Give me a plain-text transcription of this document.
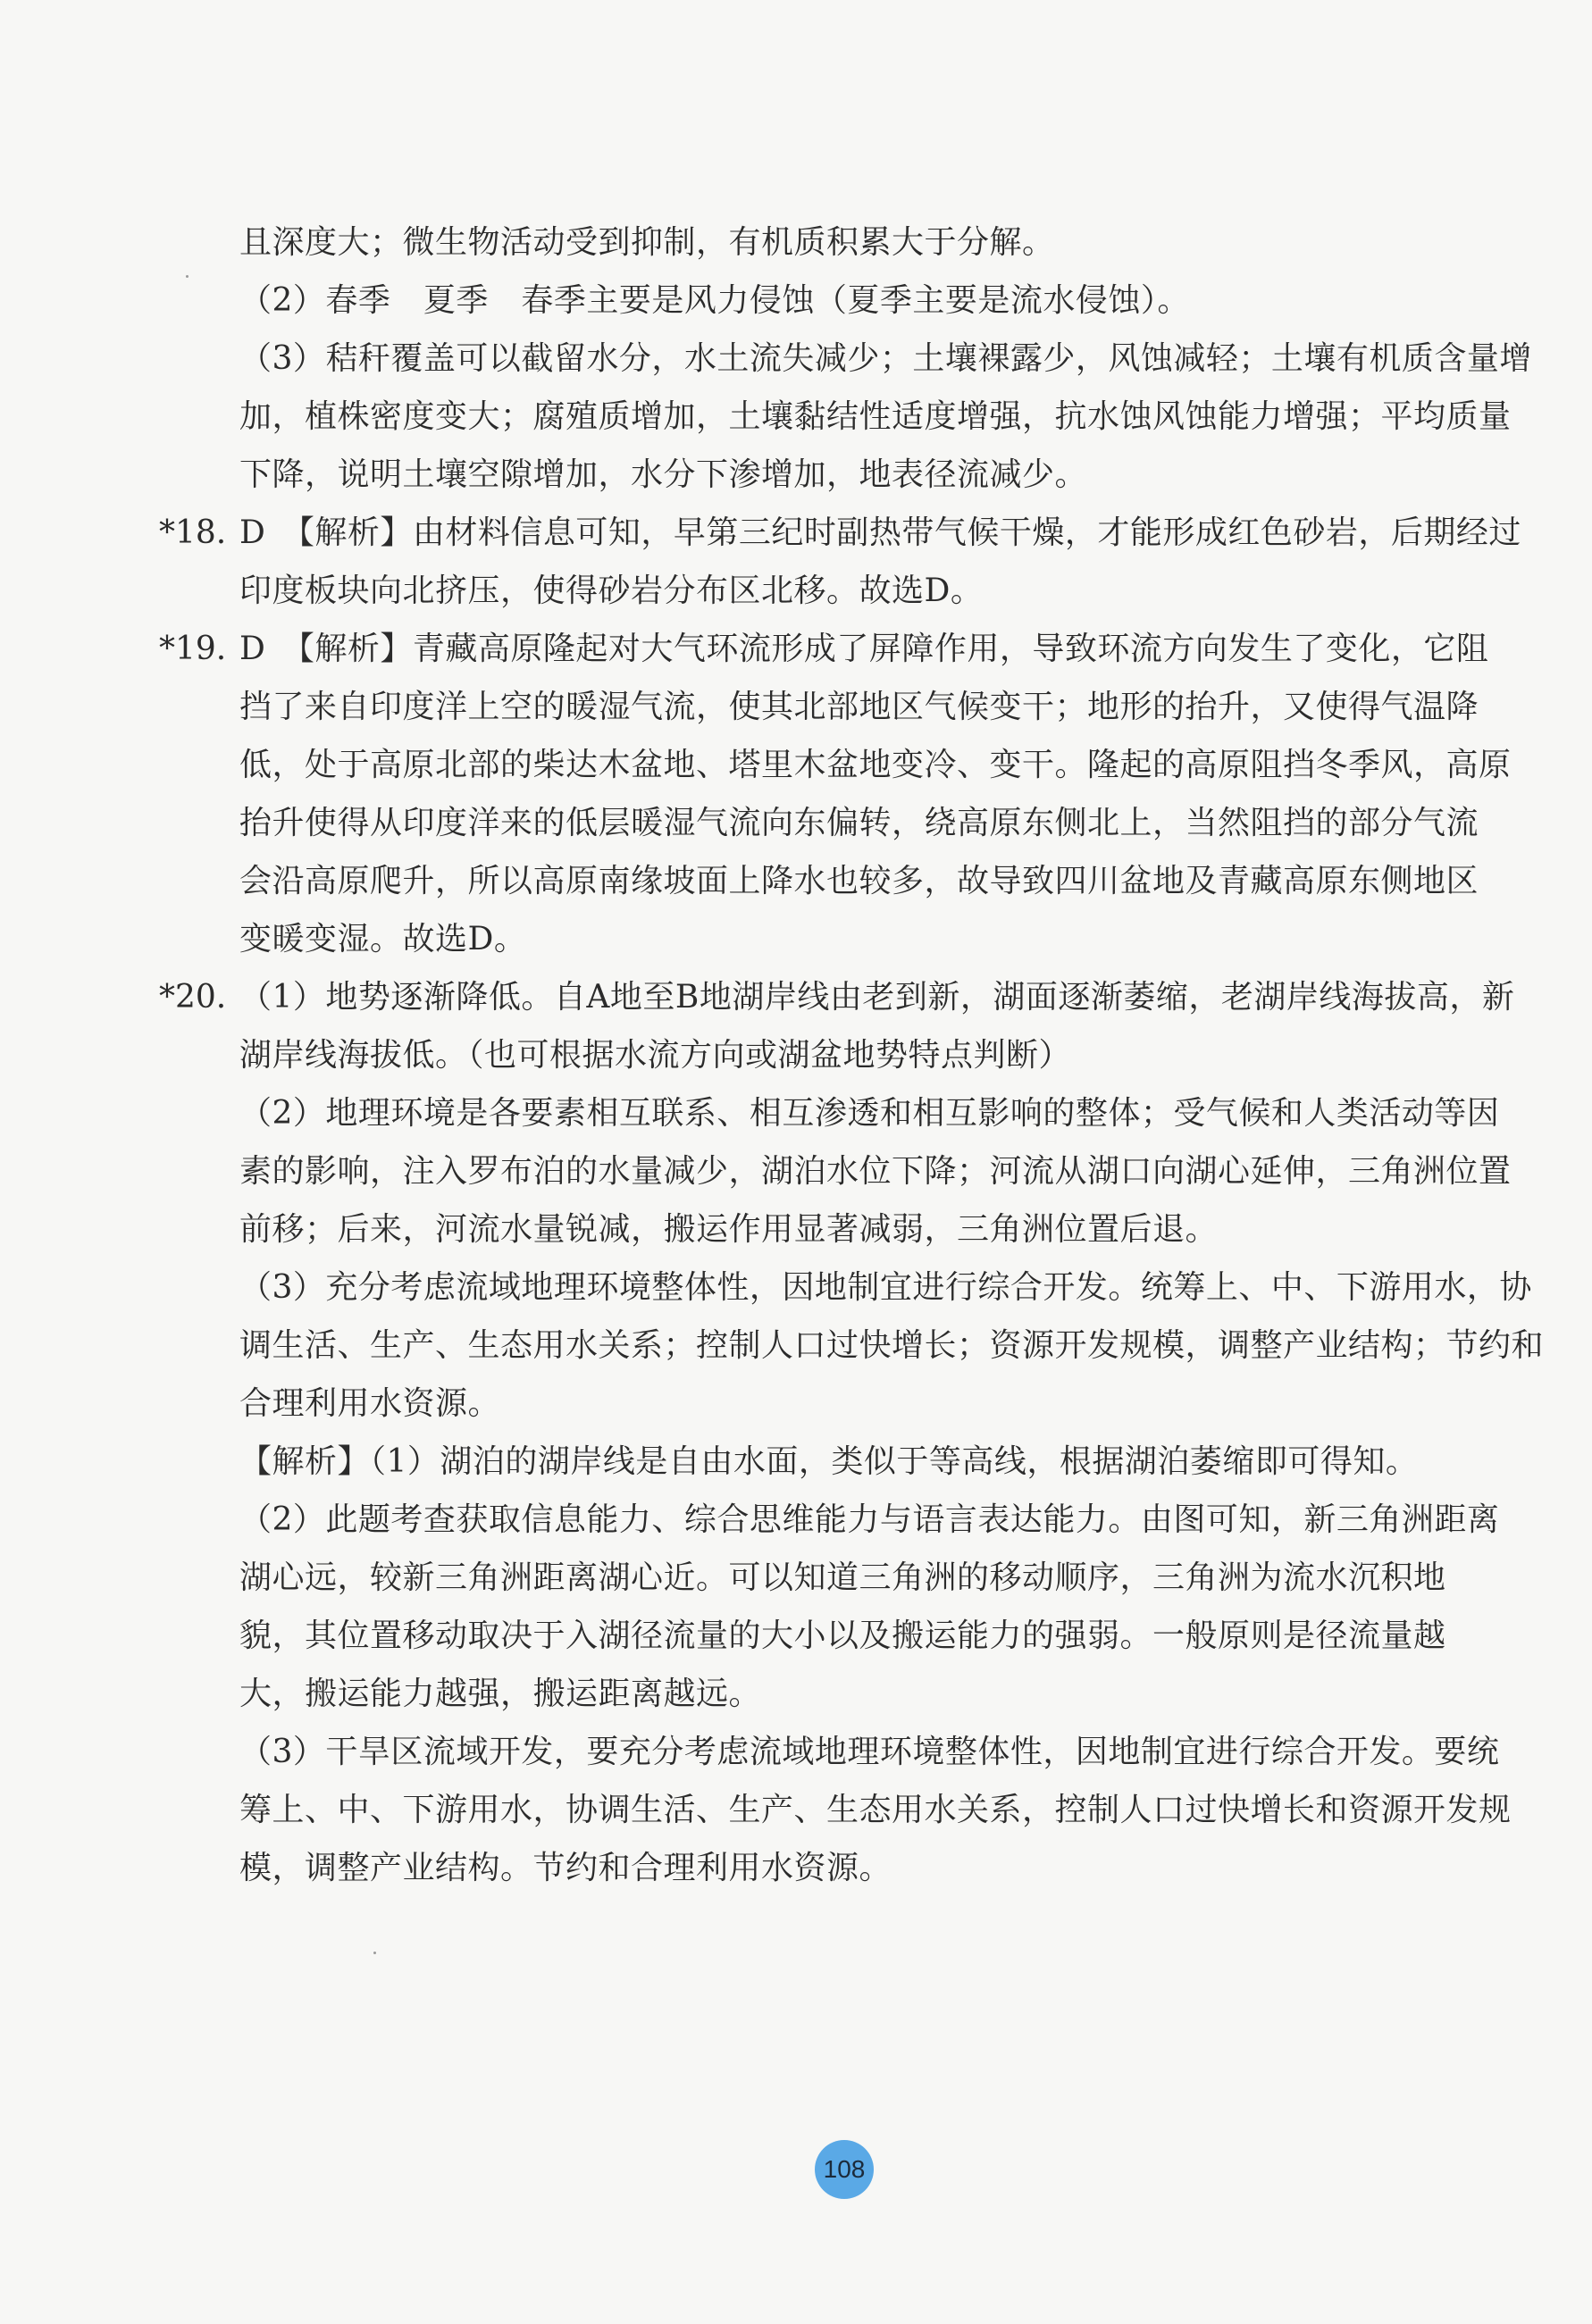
且深度大；微生物活动受到抑制，有机质积累大于分解。
（2）春季　夏季　春季主要是风力侵蚀（夏季主要是流水侵蚀）。
（3）秸秆覆盖可以截留水分，水土流失减少；土壤裸露少，风蚀减轻；土壤有机质含量增
加，植株密度变大；腐殖质增加，土壤黏结性适度增强，抗水蚀风蚀能力增强；平均质量
下降，说明土壤空隙增加，水分下渗增加，地表径流减少。
*18. D　【解析】由材料信息可知，早第三纪时副热带气候干燥，才能形成红色砂岩，后期经过
印度板块向北挤压，使得砂岩分布区北移。故选D。
*19. D　【解析】青藏高原隆起对大气环流形成了屏障作用，导致环流方向发生了变化，它阻
挡了来自印度洋上空的暖湿气流，使其北部地区气候变干；地形的抬升，又使得气温降
低，处于高原北部的柴达木盆地、塔里木盆地变冷、变干。隆起的高原阻挡冬季风，高原
抬升使得从印度洋来的低层暖湿气流向东偏转，绕高原东侧北上，当然阻挡的部分气流
会沿高原爬升，所以高原南缘坡面上降水也较多，故导致四川盆地及青藏高原东侧地区
变暖变湿。故选D。
*20. （1）地势逐渐降低。自A地至B地湖岸线由老到新，湖面逐渐萎缩，老湖岸线海拔高，新
湖岸线海拔低。（也可根据水流方向或湖盆地势特点判断）
（2）地理环境是各要素相互联系、相互渗透和相互影响的整体；受气候和人类活动等因
素的影响，注入罗布泊的水量减少，湖泊水位下降；河流从湖口向湖心延伸，三角洲位置
前移；后来，河流水量锐减，搬运作用显著减弱，三角洲位置后退。
（3）充分考虑流域地理环境整体性，因地制宜进行综合开发。统筹上、中、下游用水，协
调生活、生产、生态用水关系；控制人口过快增长；资源开发规模，调整产业结构；节约和
合理利用水资源。
【解析】（1）湖泊的湖岸线是自由水面，类似于等高线，根据湖泊萎缩即可得知。
（2）此题考查获取信息能力、综合思维能力与语言表达能力。由图可知，新三角洲距离
湖心远，较新三角洲距离湖心近。可以知道三角洲的移动顺序，三角洲为流水沉积地
貌，其位置移动取决于入湖径流量的大小以及搬运能力的强弱。一般原则是径流量越
大，搬运能力越强，搬运距离越远。
（3）干旱区流域开发，要充分考虑流域地理环境整体性，因地制宜进行综合开发。要统
筹上、中、下游用水，协调生活、生产、生态用水关系，控制人口过快增长和资源开发规
模，调整产业结构。节约和合理利用水资源。
108
